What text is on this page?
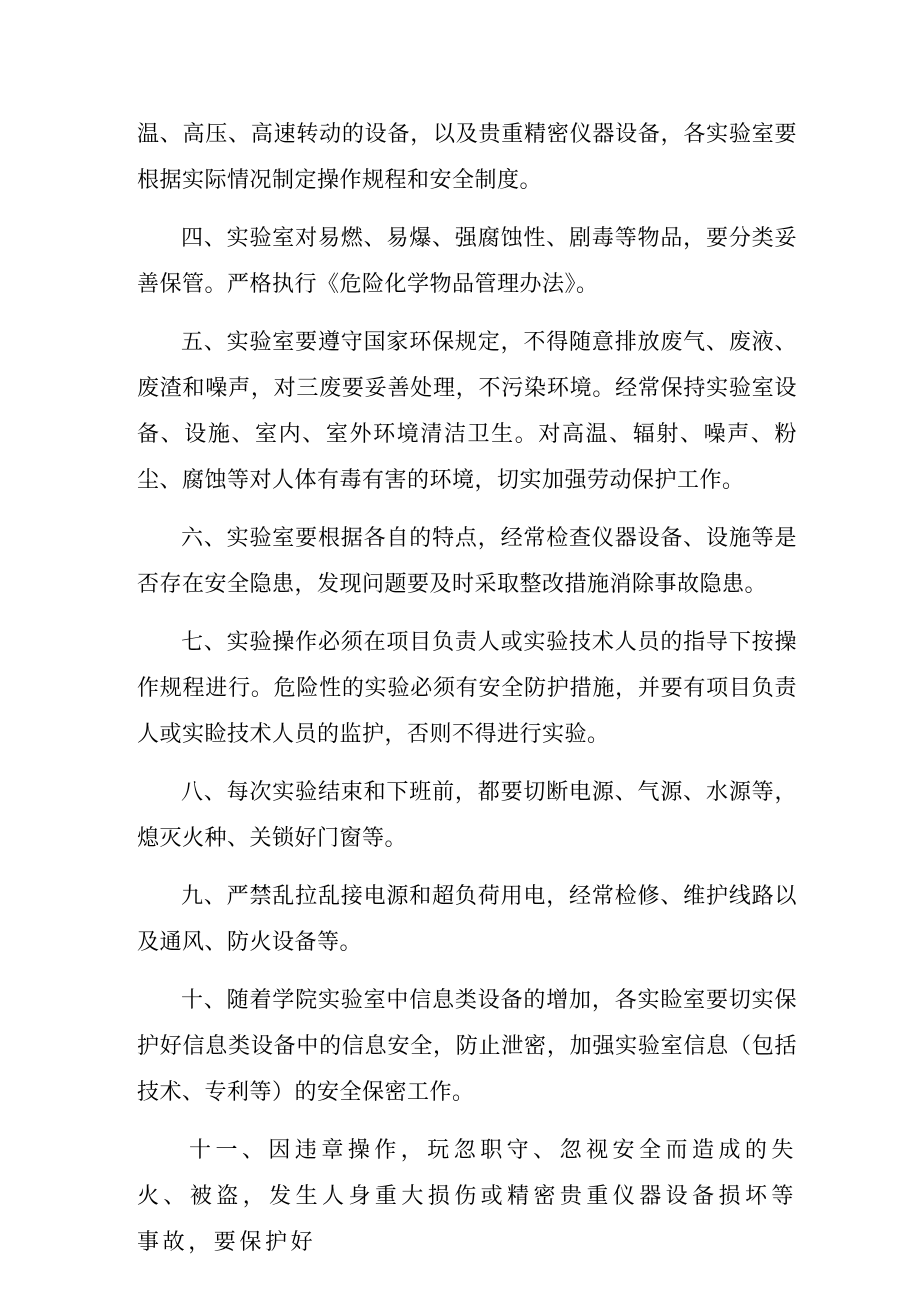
温、高压、高速转动的设备，以及贵重精密仪器设备，各实验室要根据实际情况制定操作规程和安全制度。

四、实验室对易燃、易爆、强腐蚀性、剧毒等物品，要分类妥善保管。严格执行《危险化学物品管理办法》。

五、实验室要遵守国家环保规定，不得随意排放废气、废液、废渣和噪声，对三废要妥善处理，不污染环境。经常保持实验室设备、设施、室内、室外环境清洁卫生。对高温、辐射、噪声、粉尘、腐蚀等对人体有毒有害的环境，切实加强劳动保护工作。

六、实验室要根据各自的特点，经常检查仪器设备、设施等是否存在安全隐患，发现问题要及时采取整改措施消除事故隐患。

七、实验操作必须在项目负责人或实验技术人员的指导下按操作规程进行。危险性的实验必须有安全防护措施，并要有项目负责人或实睑技术人员的监护，否则不得进行实验。

八、每次实验结束和下班前，都要切断电源、气源、水源等，熄灭火种、关锁好门窗等。

九、严禁乱拉乱接电源和超负荷用电，经常检修、维护线路以及通风、防火设备等。

十、随着学院实验室中信息类设备的增加，各实睑室要切实保护好信息类设备中的信息安全，防止泄密，加强实验室信息（包括技术、专利等）的安全保密工作。

十一、因违章操作，玩忽职守、忽视安全而造成的失火、被盗，发生人身重大损伤或精密贵重仪器设备损坏等事故，要保护好
